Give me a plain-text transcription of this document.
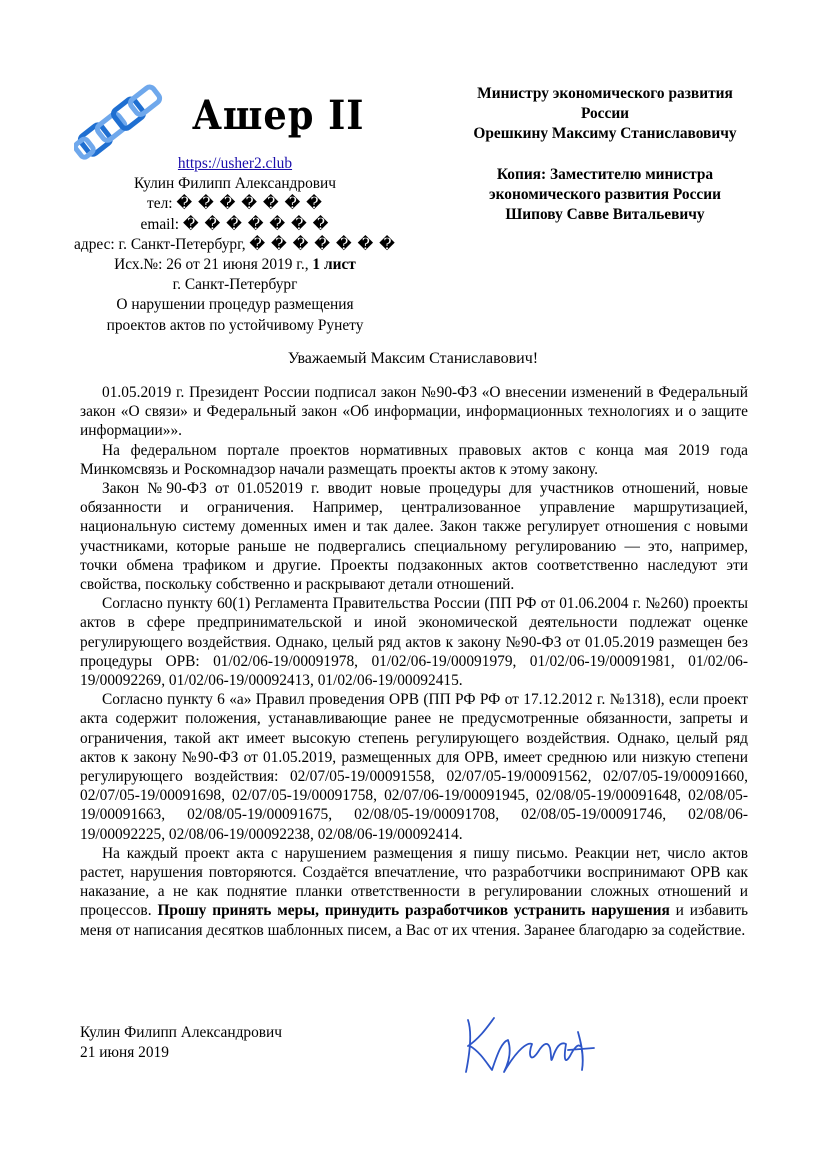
Ашер II
https://usher2.club
Кулин Филипп Александрович
тел: � � � � � � �
email: � � � � � � �
адрес: г. Санкт-Петербург, � � � � � � �
Исх.№: 26 от 21 июня 2019 г., 1 лист
г. Санкт-Петербург
О нарушении процедур размещения
проектов актов по устойчивому Рунету
Министру экономического развития
России
Орешкину Максиму Станиславовичу
Копия: Заместителю министра
экономического развития России
Шипову Савве Витальевичу
Уважаемый Максим Станиславович!

01.05.2019 г. Президент России подписал закон №90-ФЗ «О внесении изменений в Федеральный закон «О связи» и Федеральный закон «Об информации, информационных технологиях и о защите информации»».

На федеральном портале проектов нормативных правовых актов с конца мая 2019 года Минкомсвязь и Роскомнадзор начали размещать проекты актов к этому закону.

Закон №90-ФЗ от 01.052019 г. вводит новые процедуры для участников отношений, новые обязанности и ограничения. Например, централизованное управление маршрутизацией, национальную систему доменных имен и так далее. Закон также регулирует отношения с новыми участниками, которые раньше не подвергались специальному регулированию — это, например, точки обмена трафиком и другие. Проекты подзаконных актов соответственно наследуют эти свойства, поскольку собственно и раскрывают детали отношений.

Согласно пункту 60(1) Регламента Правительства России (ПП РФ от 01.06.2004 г. №260) проекты актов в сфере предпринимательской и иной экономической деятельности подлежат оценке регулирующего воздействия. Однако, целый ряд актов к закону №90-ФЗ от 01.05.2019 размещен без процедуры ОРВ: 01/02/06-19/00091978, 01/02/06-19/00091979, 01/02/06-19/00091981, 01/02/06-19/00092269, 01/02/06-19/00092413, 01/02/06-19/00092415.

Согласно пункту 6 «а» Правил проведения ОРВ (ПП РФ РФ от 17.12.2012 г. №1318), если проект акта содержит положения, устанавливающие ранее не предусмотренные обязанности, запреты и ограничения, такой акт имеет высокую степень регулирующего воздействия. Однако, целый ряд актов к закону №90-ФЗ от 01.05.2019, размещенных для ОРВ, имеет среднюю или низкую степени регулирующего воздействия: 02/07/05-19/00091558, 02/07/05-19/00091562, 02/07/05-19/00091660, 02/07/05-19/00091698, 02/07/05-19/00091758, 02/07/06-19/00091945, 02/08/05-19/00091648, 02/08/05-19/00091663, 02/08/05-19/00091675, 02/08/05-19/00091708, 02/08/05-19/00091746, 02/08/06-19/00092225, 02/08/06-19/00092238, 02/08/06-19/00092414.

На каждый проект акта с нарушением размещения я пишу письмо. Реакции нет, число актов растет, нарушения повторяются. Создаётся впечатление, что разработчики воспринимают ОРВ как наказание, а не как поднятие планки ответственности в регулировании сложных отношений и процессов. Прошу принять меры, принудить разработчиков устранить нарушения и избавить меня от написания десятков шаблонных писем, а Вас от их чтения. Заранее благодарю за содействие.

Кулин Филипп Александрович
21 июня 2019
